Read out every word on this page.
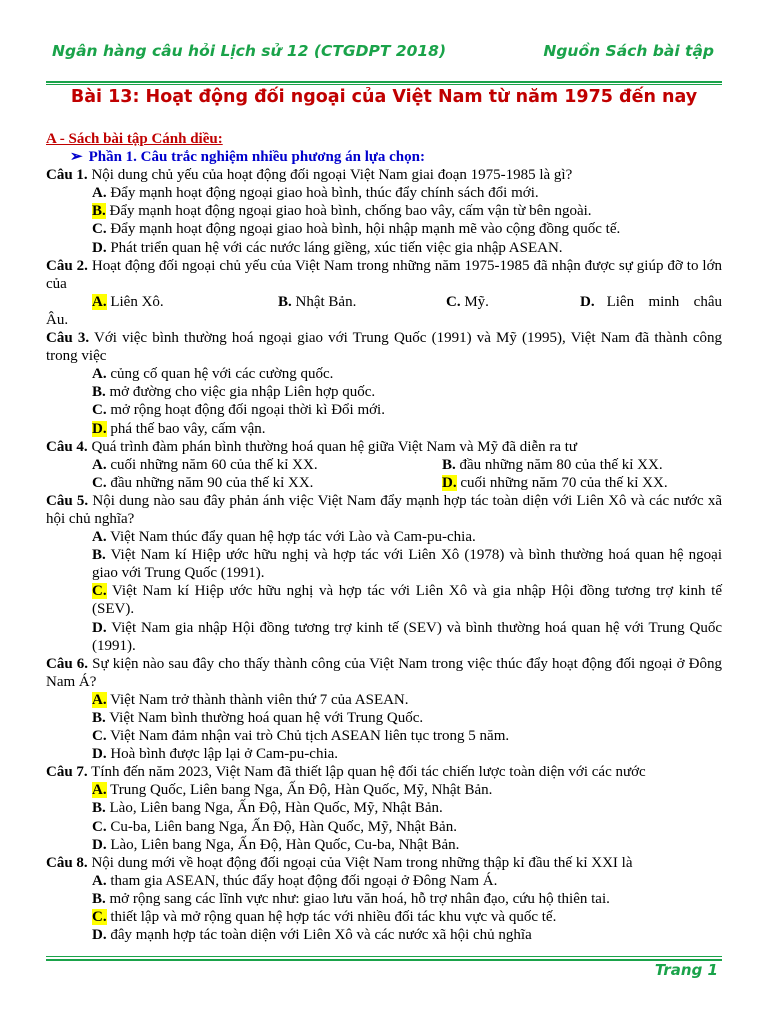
Ngân hàng câu hỏi Lịch sử 12 (CTGDPT 2018)	Nguồn Sách bài tập
Bài 13: Hoạt động đối ngoại của Việt Nam từ năm 1975 đến nay
A - Sách bài tập Cánh diều:
➢ Phần 1. Câu trắc nghiệm nhiều phương án lựa chọn:
Câu 1. Nội dung chủ yếu của hoạt động đối ngoại Việt Nam giai đoạn 1975-1985 là gì?
A. Đẩy mạnh hoạt động ngoại giao hoà bình, thúc đẩy chính sách đổi mới.
B. Đẩy mạnh hoạt động ngoại giao hoà bình, chống bao vây, cấm vận từ bên ngoài.
C. Đẩy mạnh hoạt động ngoại giao hoà bình, hội nhập mạnh mẽ vào cộng đồng quốc tế.
D. Phát triển quan hệ với các nước láng giềng, xúc tiến việc gia nhập ASEAN.
Câu 2. Hoạt động đối ngoại chủ yếu của Việt Nam trong những năm 1975-1985 đã nhận được sự giúp đỡ to lớn của
A. Liên Xô.	B. Nhật Bản.	C. Mỹ.	D. Liên minh châu
Âu.
Câu 3. Với việc bình thường hoá ngoại giao với Trung Quốc (1991) và Mỹ (1995), Việt Nam đã thành công trong việc
A. củng cố quan hệ với các cường quốc.
B. mở đường cho việc gia nhập Liên hợp quốc.
C. mở rộng hoạt động đối ngoại thời kì Đổi mới.
D. phá thế bao vây, cấm vận.
Câu 4. Quá trình đàm phán bình thường hoá quan hệ giữa Việt Nam và Mỹ đã diễn ra tư
A. cuối những năm 60 của thế kỉ XX.	B. đầu những năm 80 của thế kỉ XX.
C. đầu những năm 90 của thế kỉ XX.	D. cuối những năm 70 của thế kỉ XX.
Câu 5. Nội dung nào sau đây phản ánh việc Việt Nam đẩy mạnh hợp tác toàn diện với Liên Xô và các nước xã hội chủ nghĩa?
A. Việt Nam thúc đẩy quan hệ hợp tác với Lào và Cam-pu-chia.
B. Việt Nam kí Hiệp ước hữu nghị và hợp tác với Liên Xô (1978) và bình thường hoá quan hệ ngoại giao với Trung Quốc (1991).
C. Việt Nam kí Hiệp ước hữu nghị và hợp tác với Liên Xô và gia nhập Hội đồng tương trợ kinh tế (SEV).
D. Việt Nam gia nhập Hội đồng tương trợ kinh tế (SEV) và bình thường hoá quan hệ với Trung Quốc (1991).
Câu 6. Sự kiện nào sau đây cho thấy thành công của Việt Nam trong việc thúc đẩy hoạt động đối ngoại ở Đông Nam Á?
A. Việt Nam trở thành thành viên thứ 7 của ASEAN.
B. Việt Nam bình thường hoá quan hệ với Trung Quốc.
C. Việt Nam đảm nhận vai trò Chủ tịch ASEAN liên tục trong 5 năm.
D. Hoà bình được lập lại ở Cam-pu-chia.
Câu 7. Tính đến năm 2023, Việt Nam đã thiết lập quan hệ đối tác chiến lược toàn diện với các nước
A. Trung Quốc, Liên bang Nga, Ấn Độ, Hàn Quốc, Mỹ, Nhật Bản.
B. Lào, Liên bang Nga, Ấn Độ, Hàn Quốc, Mỹ, Nhật Bản.
C. Cu-ba, Liên bang Nga, Ấn Độ, Hàn Quốc, Mỹ, Nhật Bản.
D. Lào, Liên bang Nga, Ấn Độ, Hàn Quốc, Cu-ba, Nhật Bản.
Câu 8. Nội dung mới về hoạt động đối ngoại của Việt Nam trong những thập kỉ đầu thế kỉ XXI là
A. tham gia ASEAN, thúc đẩy hoạt động đối ngoại ở Đông Nam Á.
B. mở rộng sang các lĩnh vực như: giao lưu văn hoá, hỗ trợ nhân đạo, cứu hộ thiên tai.
C. thiết lập và mở rộng quan hệ hợp tác với nhiều đối tác khu vực và quốc tế.
D. đây mạnh hợp tác toàn diện với Liên Xô và các nước xã hội chủ nghĩa
Trang 1
